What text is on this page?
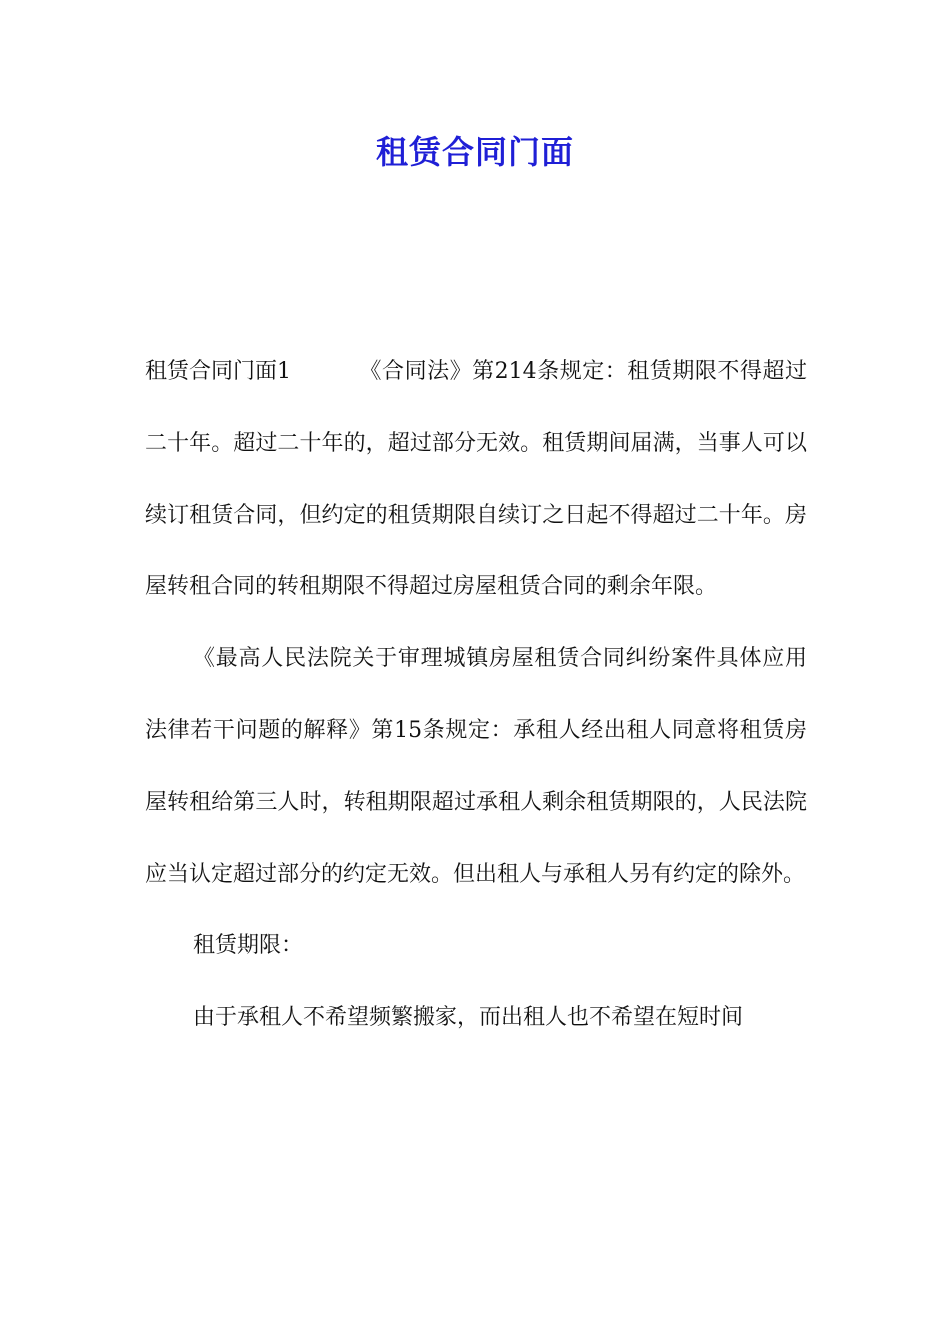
租赁合同门面

租赁合同门面1	《合同法》第214条规定：租赁期限不得超过二十年。超过二十年的，超过部分无效。租赁期间届满，当事人可以续订租赁合同，但约定的租赁期限自续订之日起不得超过二十年。房屋转租合同的转租期限不得超过房屋租赁合同的剩余年限。

《最高人民法院关于审理城镇房屋租赁合同纠纷案件具体应用法律若干问题的解释》第15条规定：承租人经出租人同意将租赁房屋转租给第三人时，转租期限超过承租人剩余租赁期限的，人民法院应当认定超过部分的约定无效。但出租人与承租人另有约定的除外。

租赁期限：

由于承租人不希望频繁搬家，而出租人也不希望在短时间
